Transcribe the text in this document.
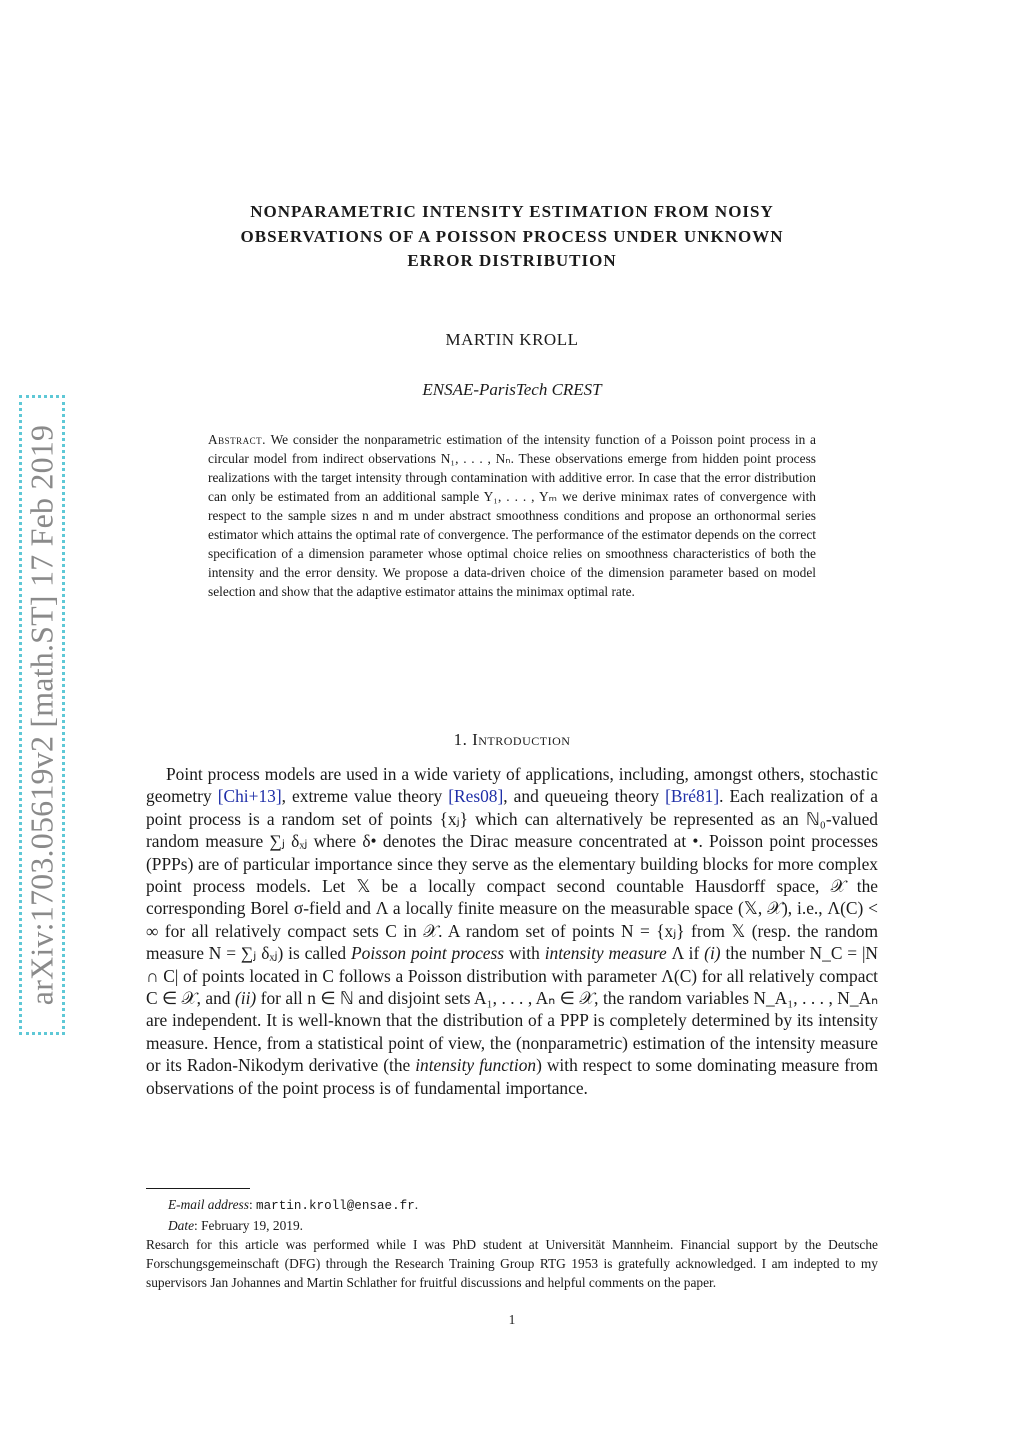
arXiv:1703.05619v2 [math.ST] 17 Feb 2019
NONPARAMETRIC INTENSITY ESTIMATION FROM NOISY
OBSERVATIONS OF A POISSON PROCESS UNDER UNKNOWN
ERROR DISTRIBUTION
MARTIN KROLL
ENSAE-ParisTech CREST
Abstract. We consider the nonparametric estimation of the intensity function of a Poisson point process in a circular model from indirect observations N₁, . . . , Nₙ. These observations emerge from hidden point process realizations with the target intensity through contamination with additive error. In case that the error distribution can only be estimated from an additional sample Y₁, . . . , Yₘ we derive minimax rates of convergence with respect to the sample sizes n and m under abstract smoothness conditions and propose an orthonormal series estimator which attains the optimal rate of convergence. The performance of the estimator depends on the correct specification of a dimension parameter whose optimal choice relies on smoothness characteristics of both the intensity and the error density. We propose a data-driven choice of the dimension parameter based on model selection and show that the adaptive estimator attains the minimax optimal rate.
1. Introduction
Point process models are used in a wide variety of applications, including, amongst others, stochastic geometry [Chi+13], extreme value theory [Res08], and queueing theory [Bré81]. Each realization of a point process is a random set of points {xⱼ} which can alternatively be represented as an ℕ₀-valued random measure ∑ⱼ δₓⱼ where δ• denotes the Dirac measure concentrated at •. Poisson point processes (PPPs) are of particular importance since they serve as the elementary building blocks for more complex point process models. Let 𝕏 be a locally compact second countable Hausdorff space, 𝒳 the corresponding Borel σ-field and Λ a locally finite measure on the measurable space (𝕏, 𝒳), i.e., Λ(C) < ∞ for all relatively compact sets C in 𝒳. A random set of points N = {xⱼ} from 𝕏 (resp. the random measure N = ∑ⱼ δₓⱼ) is called Poisson point process with intensity measure Λ if (i) the number N_C = |N ∩ C| of points located in C follows a Poisson distribution with parameter Λ(C) for all relatively compact C ∈ 𝒳, and (ii) for all n ∈ ℕ and disjoint sets A₁, . . . , Aₙ ∈ 𝒳, the random variables N_A₁, . . . , N_Aₙ are independent. It is well-known that the distribution of a PPP is completely determined by its intensity measure. Hence, from a statistical point of view, the (nonparametric) estimation of the intensity measure or its Radon-Nikodym derivative (the intensity function) with respect to some dominating measure from observations of the point process is of fundamental importance.

E-mail address: martin.kroll@ensae.fr.

Date: February 19, 2019.

Resarch for this article was performed while I was PhD student at Universität Mannheim. Financial support by the Deutsche Forschungsgemeinschaft (DFG) through the Research Training Group RTG 1953 is gratefully acknowledged. I am indepted to my supervisors Jan Johannes and Martin Schlather for fruitful discussions and helpful comments on the paper.

1
